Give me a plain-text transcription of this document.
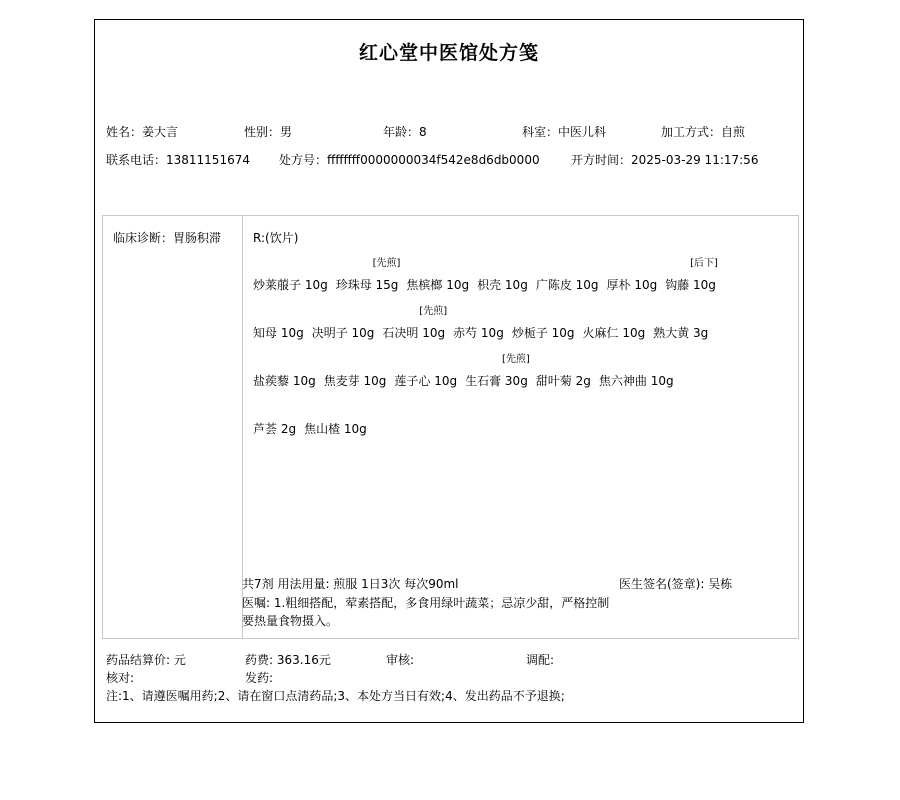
红心堂中医馆处方笺
姓名：姜大言	性别：男	年龄：8	科室：中医儿科	加工方式：自煎
联系电话：13811151674 处方号：ffffffff0000000034f542e8d6db0000	开方时间：2025-03-29 11:17:56
临床诊断：胃肠积滞	R:(饮片)
炒莱菔子 10g 珍珠母 15g
[先煎]
焦槟榔 10g 枳壳 10g 广陈皮 10g 厚朴 10g 钩藤 10g
[后下]
知母 10g 决明子 10g 石决明 10g
[先煎]
赤芍 10g 炒栀子 10g 火麻仁 10g 熟大黄 3g
盐蒺藜 10g 焦麦芽 10g 莲子心 10g 生石膏 30g
[先煎]
甜叶菊 2g 焦六神曲 10g
芦荟 2g 焦山楂 10g
共7剂 用法用量: 煎服 1日3次 每次90ml	医生签名(签章): 吴栋
医嘱: 1.粗细搭配，荤素搭配，多食用绿叶蔬菜；忌凉少甜，严格控制要热量食物摄入。
药品结算价: 元	药费: 363.16元	审核:	调配:
核对:	发药:
注:1、请遵医嘱用药;2、请在窗口点清药品;3、本处方当日有效;4、发出药品不予退换;
